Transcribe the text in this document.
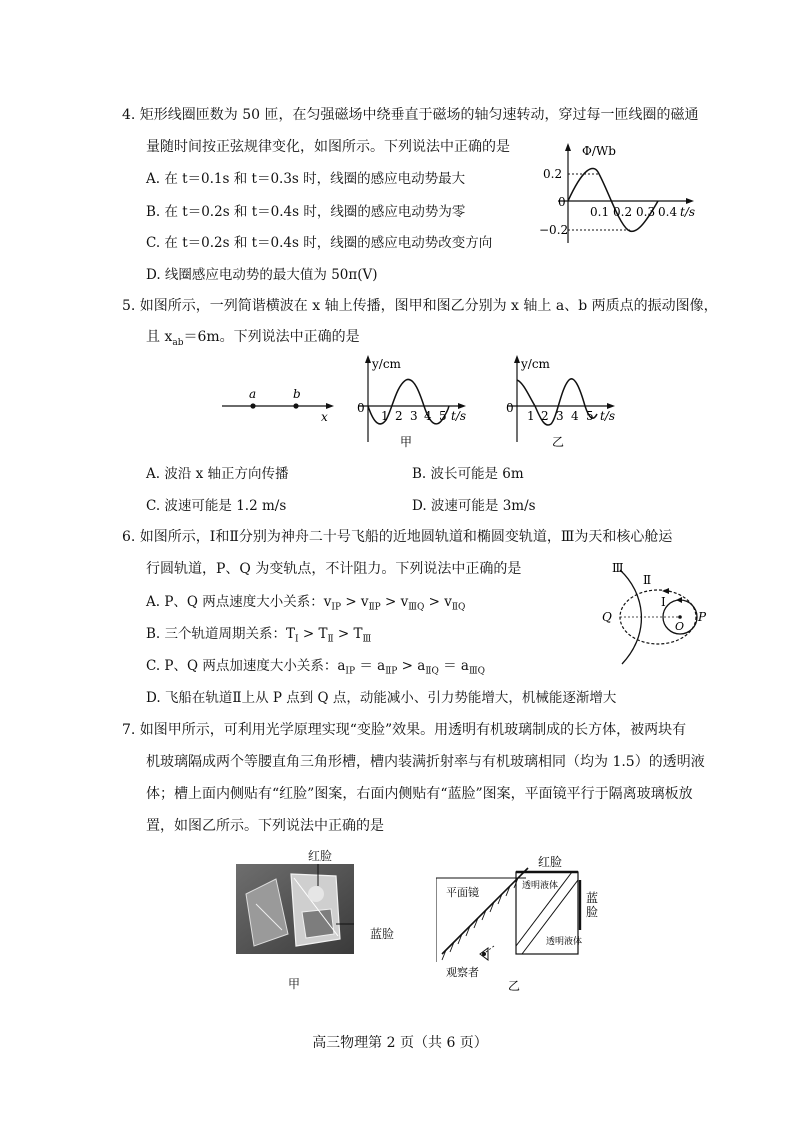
4. 矩形线圈匝数为 50 匝，在匀强磁场中绕垂直于磁场的轴匀速转动，穿过每一匝线圈的磁通
量随时间按正弦规律变化，如图所示。下列说法中正确的是
A. 在 t＝0.1s 和 t＝0.3s 时，线圈的感应电动势最大
B. 在 t＝0.2s 和 t＝0.4s 时，线圈的感应电动势为零
C. 在 t＝0.2s 和 t＝0.4s 时，线圈的感应电动势改变方向
D. 线圈感应电动势的最大值为 50π(V)
Φ/Wb
0.2
0
−0.2
0.1 0.2 0.3 0.4 t/s
5. 如图所示，一列简谐横波在 x 轴上传播，图甲和图乙分别为 x 轴上 a、b 两质点的振动图像，
且 $x_{ab}=6m$。下列说法中正确的是
a	b
x
y/cm
0
1 2 3 4 5 t/s
甲
y/cm
0
1 2 3 4 5 t/s
乙
A. 波沿 x 轴正方向传播	B. 波长可能是 6m
C. 波速可能是 1.2 m/s	D. 波速可能是 3m/s
6. 如图所示，Ⅰ和Ⅱ分别为神舟二十号飞船的近地圆轨道和椭圆变轨道，Ⅲ为天和核心舱运
行圆轨道，P、Q 为变轨点，不计阻力。下列说法中正确的是
A. P、Q 两点速度大小关系：$v_{ⅠP} > v_{ⅡP} > v_{ⅢQ} > v_{ⅡQ}$
B. 三个轨道周期关系：$T_Ⅰ > T_Ⅱ > T_Ⅲ$
C. P、Q 两点加速度大小关系：$a_{ⅠP} = a_{ⅡP} > a_{ⅡQ} = a_{ⅢQ}$
D. 飞船在轨道Ⅱ上从 P 点到 Q 点，动能减小、引力势能增大，机械能逐渐增大
Ⅲ
Ⅱ
Ⅰ
Q	P
O
7. 如图甲所示，可利用光学原理实现“变脸”效果。用透明有机玻璃制成的长方体，被两块有
机玻璃隔成两个等腰直角三角形槽，槽内装满折射率与有机玻璃相同（均为 1.5）的透明液
体；槽上面内侧贴有“红脸”图案，右面内侧贴有“蓝脸”图案，平面镜平行于隔离玻璃板放
置，如图乙所示。下列说法中正确的是
红脸
蓝脸
甲
红脸
蓝
脸
平面镜	透明液体
透明液体
观察者
乙
高三物理第 2 页（共 6 页）
